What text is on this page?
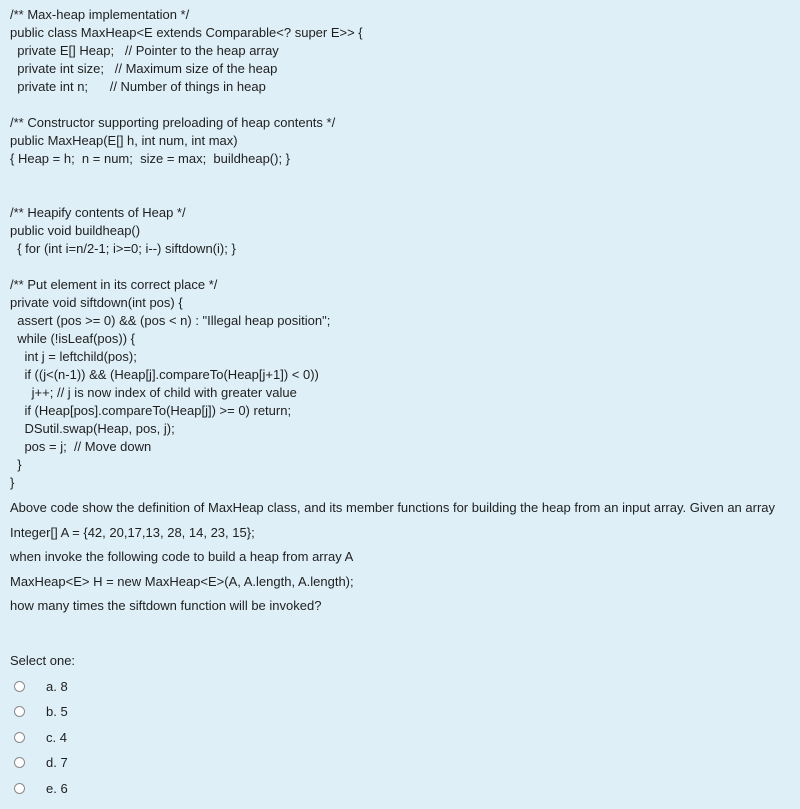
/** Max-heap implementation */
public class MaxHeap<E extends Comparable<? super E>> {
private E[] Heap;   // Pointer to the heap array
private int size;   // Maximum size of the heap
private int n;      // Number of things in heap
/** Constructor supporting preloading of heap contents */
public MaxHeap(E[] h, int num, int max)
{ Heap = h;  n = num;  size = max;  buildheap(); }
/** Heapify contents of Heap */
public void buildheap()
{ for (int i=n/2-1; i>=0; i--) siftdown(i); }
/** Put element in its correct place */
private void siftdown(int pos) {
assert (pos >= 0) && (pos < n) : "Illegal heap position";
while (!isLeaf(pos)) {
int j = leftchild(pos);
if ((j<(n-1)) && (Heap[j].compareTo(Heap[j+1]) < 0))
j++; // j is now index of child with greater value
if (Heap[pos].compareTo(Heap[j]) >= 0) return;
DSutil.swap(Heap, pos, j);
pos = j;  // Move down
}
}
Above code show the definition of MaxHeap class, and its member functions for building the heap from an input array. Given an array
Integer[] A = {42, 20,17,13, 28, 14, 23, 15};
when invoke the following code to build a heap from array A
MaxHeap<E> H = new MaxHeap<E>(A, A.length, A.length);
how many times the siftdown function will be invoked?
Select one:
a. 8
b. 5
c. 4
d. 7
e. 6
